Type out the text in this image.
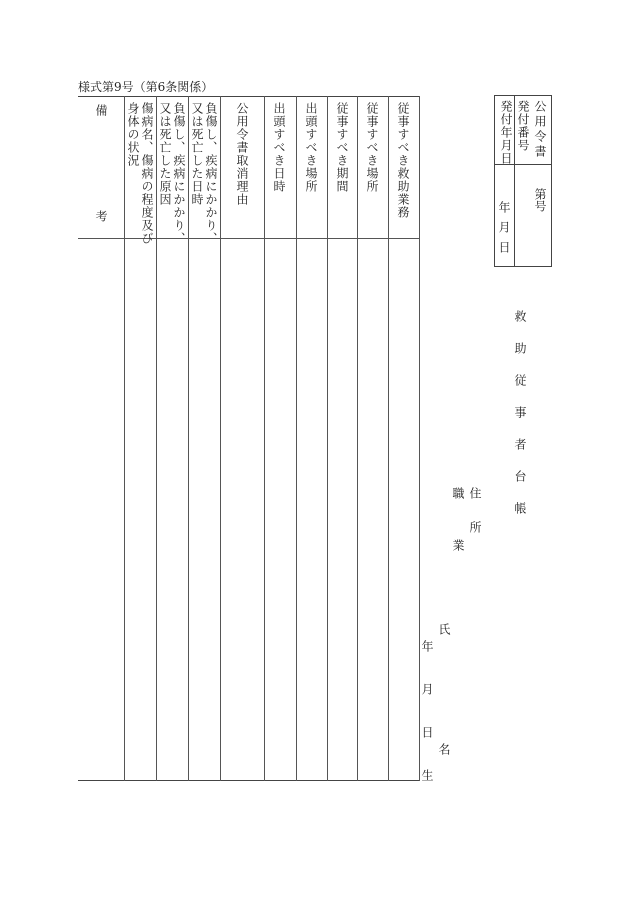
様式第9号（第6条関係）
従事すべき救助業務
従事すべき場所
従事すべき期間
出頭すべき場所
出頭すべき日時
公用令書取消理由
負傷し、疾病にかかり、
又は死亡した日時
負傷し、疾病にかかり、
又は死亡した原因
傷病名、傷病の程度及び
身体の状況
備
考
公用令書
発付番号
発付年月日
第号
年月日
救助従事者台帳
住所
職業
氏名
年月日生
